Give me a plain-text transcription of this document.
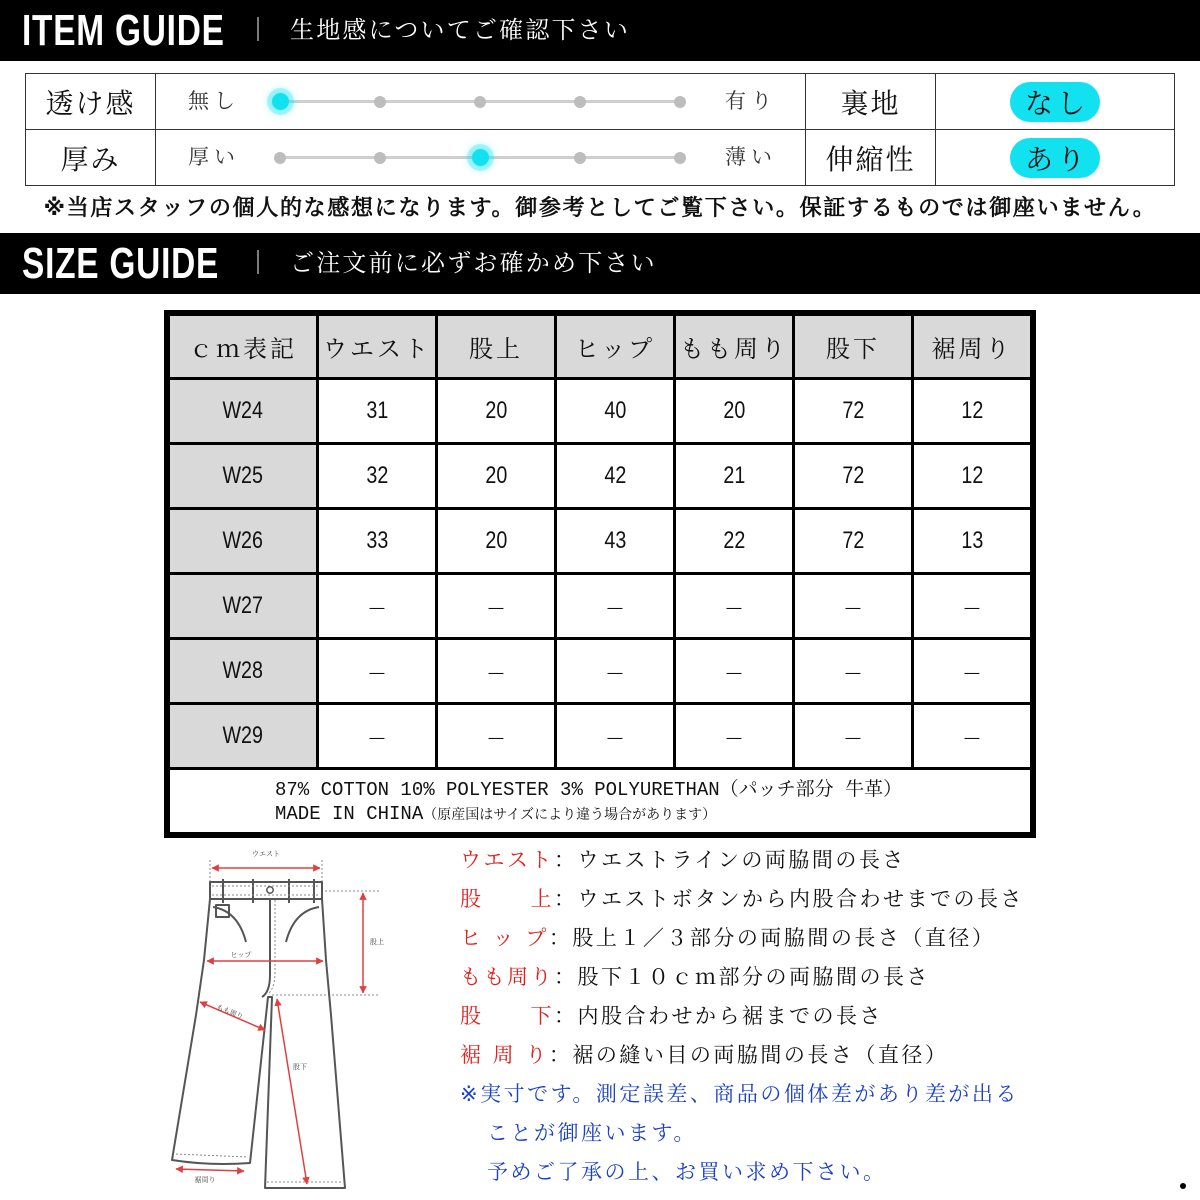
ITEM GUIDE ｜ 生地感についてご確認下さい
透け感	無し	有り	裏地	なし
厚み	厚い	薄い	伸縮性	あり
※当店スタッフの個人的な感想になります。御参考としてご覧下さい。保証するものでは御座いません。
SIZE GUIDE ｜ ご注文前に必ずお確かめ下さい
ｃｍ表記	ウエスト	股上	ヒップ	もも周り	股下	裾周り
W24	31	20	40	20	72	12
W25	32	20	42	21	72	12
W26	33	20	43	22	72	13
W27	－	－	－	－	－	－
W28	－	－	－	－	－	－
W29	－	－	－	－	－	－
87% COTTON 10% POLYESTER 3% POLYURETHAN（パッチ部分 牛革）
MADE IN CHINA（原産国はサイズにより違う場合があります）
ウエスト
ヒップ
股上
もも周り
股下
裾周り
ウエスト：ウエストラインの両脇間の長さ
股　　上：ウエストボタンから内股合わせまでの長さ
ヒ ッ プ：股上１／３部分の両脇間の長さ（直径）
もも周り：股下１０ｃｍ部分の両脇間の長さ
股　　下：内股合わせから裾までの長さ
裾 周 り：裾の縫い目の両脇間の長さ（直径）
※実寸です。測定誤差、商品の個体差があり差が出る
ことが御座います。
予めご了承の上、お買い求め下さい。
